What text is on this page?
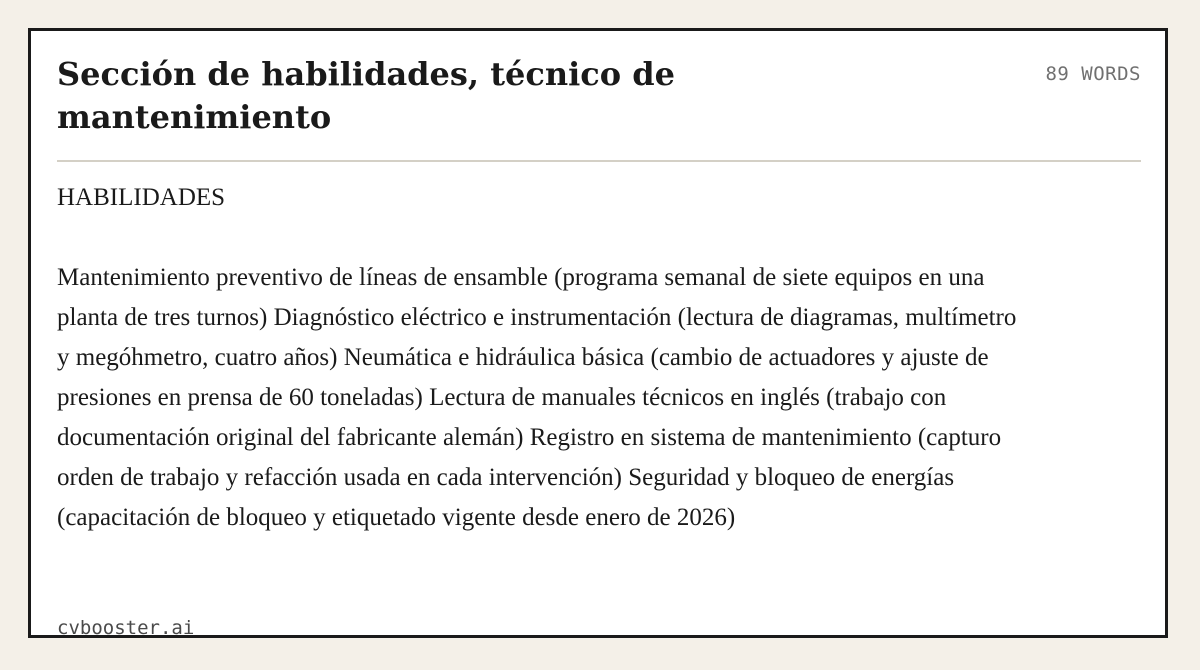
Sección de habilidades, técnico de mantenimiento
89 WORDS
HABILIDADES
Mantenimiento preventivo de líneas de ensamble (programa semanal de siete equipos en una planta de tres turnos) Diagnóstico eléctrico e instrumentación (lectura de diagramas, multímetro y megóhmetro, cuatro años) Neumática e hidráulica básica (cambio de actuadores y ajuste de presiones en prensa de 60 toneladas) Lectura de manuales técnicos en inglés (trabajo con documentación original del fabricante alemán) Registro en sistema de mantenimiento (capturo orden de trabajo y refacción usada en cada intervención) Seguridad y bloqueo de energías (capacitación de bloqueo y etiquetado vigente desde enero de 2026)
cvbooster.ai
